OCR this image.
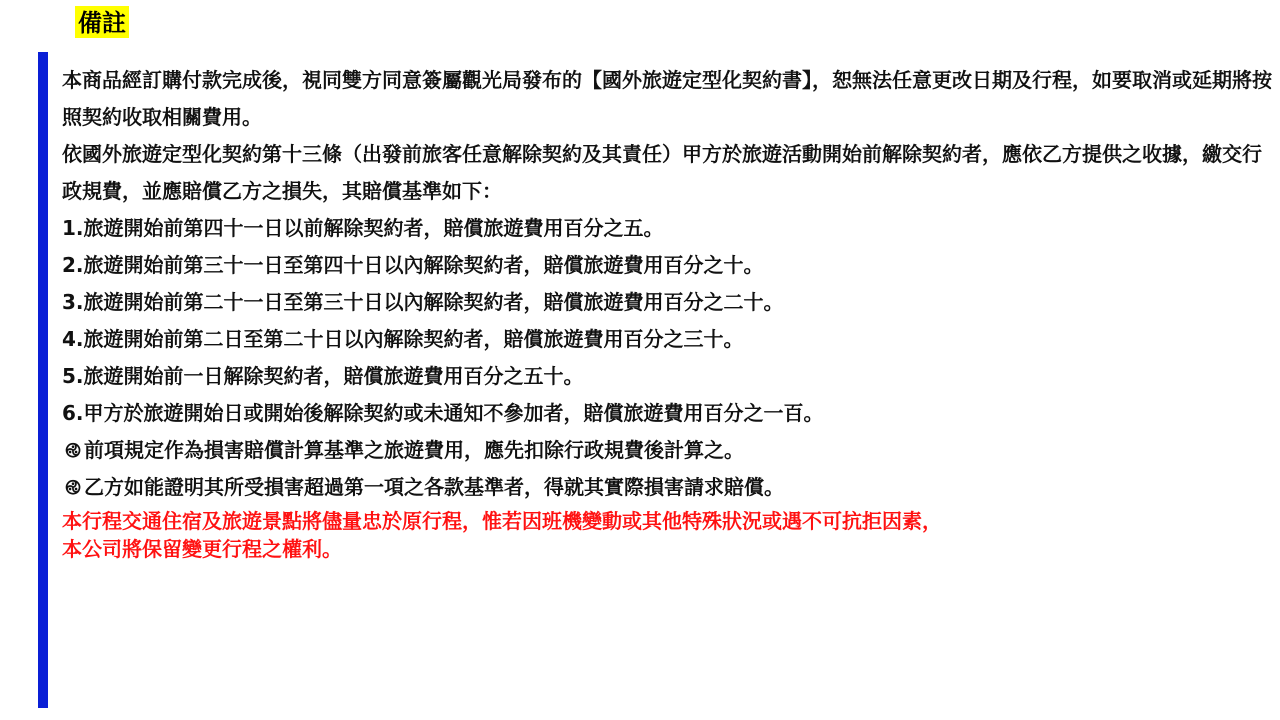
備註

本商品經訂購付款完成後，視同雙方同意簽屬觀光局發布的【國外旅遊定型化契約書】，恕無法任意更改日期及行程，如要取消或延期將按照契約收取相關費用。

依國外旅遊定型化契約第十三條（出發前旅客任意解除契約及其責任）甲方於旅遊活動開始前解除契約者，應依乙方提供之收據，繳交行政規費，並應賠償乙方之損失，其賠償基準如下：

1.旅遊開始前第四十一日以前解除契約者，賠償旅遊費用百分之五。

2.旅遊開始前第三十一日至第四十日以內解除契約者，賠償旅遊費用百分之十。

3.旅遊開始前第二十一日至第三十日以內解除契約者，賠償旅遊費用百分之二十。

4.旅遊開始前第二日至第二十日以內解除契約者，賠償旅遊費用百分之三十。

5.旅遊開始前一日解除契約者，賠償旅遊費用百分之五十。

6.甲方於旅遊開始日或開始後解除契約或未通知不參加者，賠償旅遊費用百分之一百。

࿋ 前項規定作為損害賠償計算基準之旅遊費用，應先扣除行政規費後計算之。

࿋ 乙方如能證明其所受損害超過第一項之各款基準者，得就其實際損害請求賠償。

本行程交通住宿及旅遊景點將儘量忠於原行程，惟若因班機變動或其他特殊狀況或遇不可抗拒因素，
本公司將保留變更行程之權利。
